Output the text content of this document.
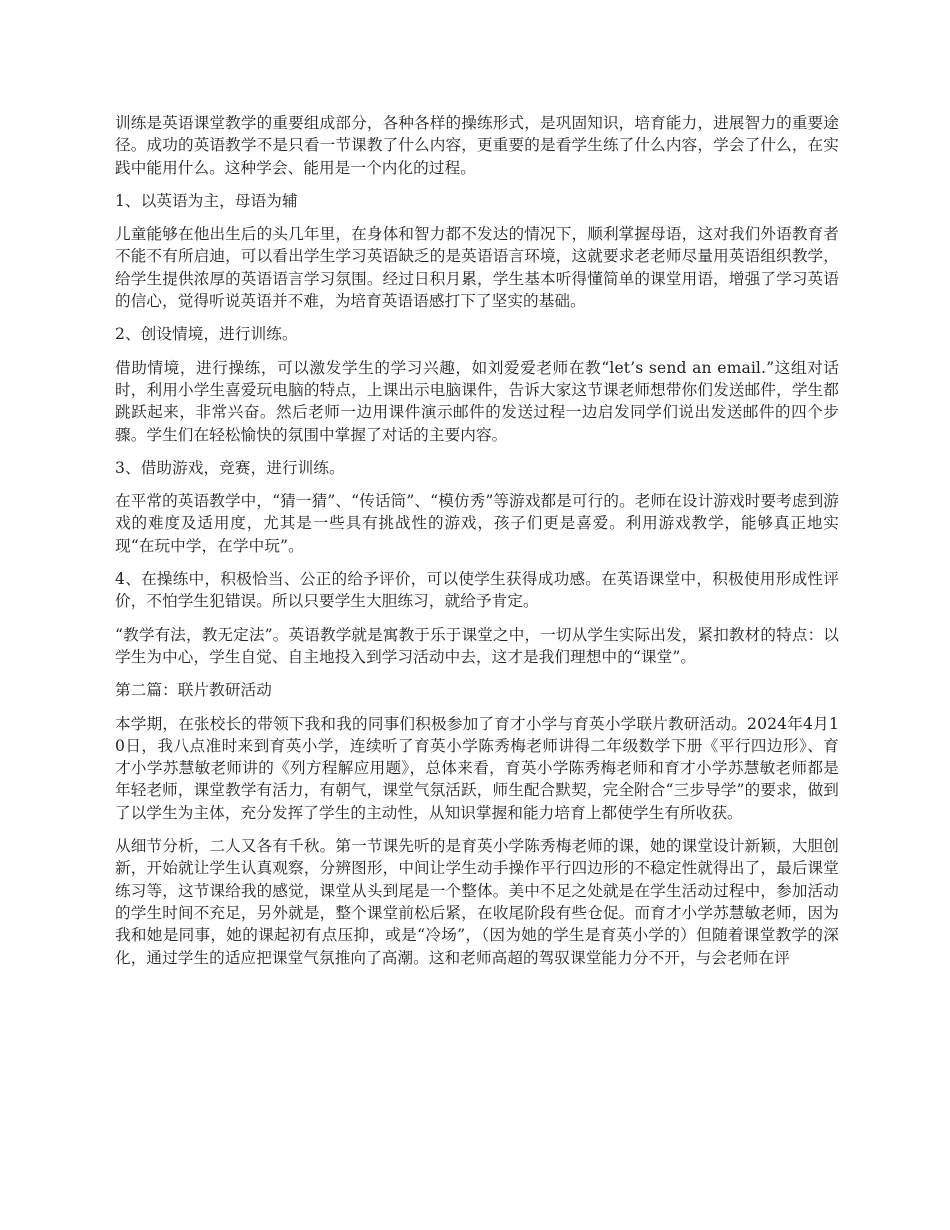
训练是英语课堂教学的重要组成部分，各种各样的操练形式，是巩固知识，培育能力，进展智力的重要途径。成功的英语教学不是只看一节课教了什么内容，更重要的是看学生练了什么内容，学会了什么，在实践中能用什么。这种学会、能用是一个内化的过程。

1、以英语为主，母语为辅

儿童能够在他出生后的头几年里，在身体和智力都不发达的情况下，顺利掌握母语，这对我们外语教育者不能不有所启迪，可以看出学生学习英语缺乏的是英语语言环境，这就要求老老师尽量用英语组织教学，给学生提供浓厚的英语语言学习氛围。经过日积月累，学生基本听得懂简单的课堂用语，增强了学习英语的信心，觉得听说英语并不难，为培育英语语感打下了坚实的基础。

2、创设情境，进行训练。

借助情境，进行操练，可以激发学生的学习兴趣，如刘爱爱老师在教“let’s send an email.”这组对话时，利用小学生喜爱玩电脑的特点，上课出示电脑课件，告诉大家这节课老师想带你们发送邮件，学生都跳跃起来，非常兴奋。然后老师一边用课件演示邮件的发送过程一边启发同学们说出发送邮件的四个步骤。学生们在轻松愉快的氛围中掌握了对话的主要内容。

3、借助游戏，竞赛，进行训练。

在平常的英语教学中，“猜一猜”、“传话筒”、“模仿秀”等游戏都是可行的。老师在设计游戏时要考虑到游戏的难度及适用度，尤其是一些具有挑战性的游戏，孩子们更是喜爱。利用游戏教学，能够真正地实现“在玩中学，在学中玩”。

4、在操练中，积极恰当、公正的给予评价，可以使学生获得成功感。在英语课堂中，积极使用形成性评价，不怕学生犯错误。所以只要学生大胆练习，就给予肯定。

“教学有法，教无定法”。英语教学就是寓教于乐于课堂之中，一切从学生实际出发，紧扣教材的特点：以学生为中心，学生自觉、自主地投入到学习活动中去，这才是我们理想中的“课堂”。

第二篇：联片教研活动

本学期，在张校长的带领下我和我的同事们积极参加了育才小学与育英小学联片教研活动。2024年4月10日，我八点准时来到育英小学，连续听了育英小学陈秀梅老师讲得二年级数学下册《平行四边形》、育才小学苏慧敏老师讲的《列方程解应用题》，总体来看，育英小学陈秀梅老师和育才小学苏慧敏老师都是年轻老师，课堂教学有活力，有朝气，课堂气氛活跃，师生配合默契，完全附合“三步导学”的要求，做到了以学生为主体，充分发挥了学生的主动性，从知识掌握和能力培育上都使学生有所收获。

从细节分析，二人又各有千秋。第一节课先听的是育英小学陈秀梅老师的课，她的课堂设计新颖，大胆创新，开始就让学生认真观察，分辨图形，中间让学生动手操作平行四边形的不稳定性就得出了，最后课堂练习等，这节课给我的感觉，课堂从头到尾是一个整体。美中不足之处就是在学生活动过程中，参加活动的学生时间不充足，另外就是，整个课堂前松后紧，在收尾阶段有些仓促。而育才小学苏慧敏老师，因为我和她是同事，她的课起初有点压抑，或是“冷场”，（因为她的学生是育英小学的）但随着课堂教学的深化，通过学生的适应把课堂气氛推向了高潮。这和老师高超的驾驭课堂能力分不开，与会老师在评
